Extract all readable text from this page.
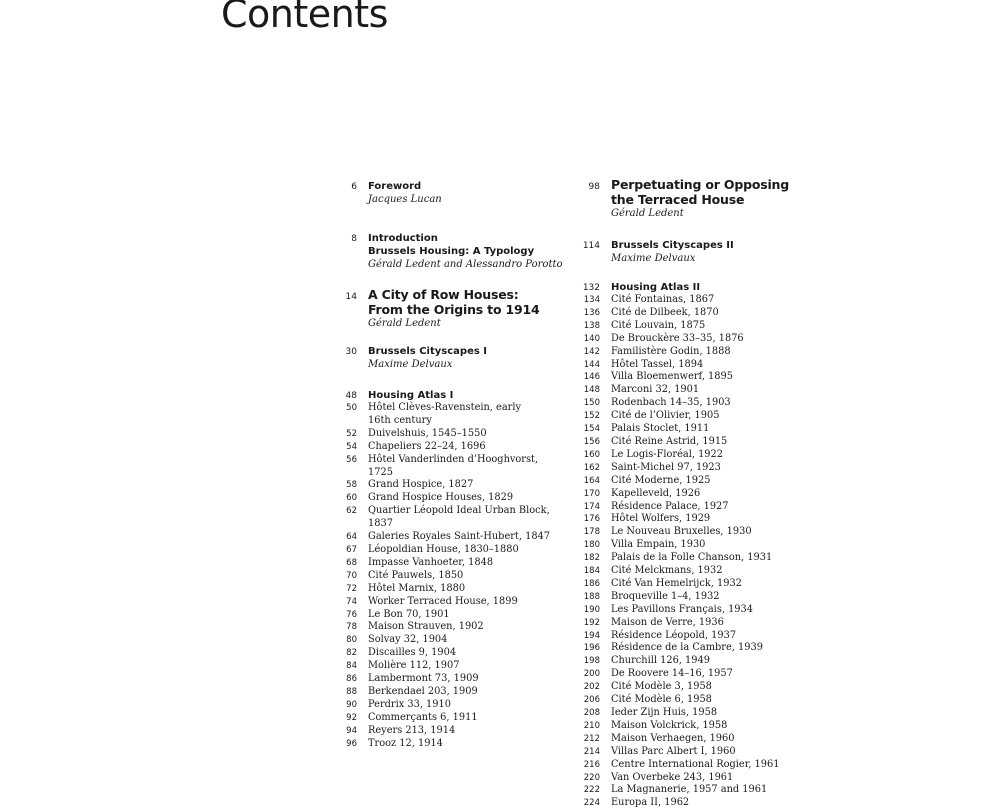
Contents
6 Foreword
Jacques Lucan
8 Introduction
Brussels Housing: A Typology
Gérald Ledent and Alessandro Porotto
14 A City of Row Houses:
From the Origins to 1914
Gérald Ledent
30 Brussels Cityscapes I
Maxime Delvaux
48 Housing Atlas I
50 Hôtel Clèves-Ravenstein, early
16th century
52 Duivelshuis, 1545–1550
54 Chapeliers 22–24, 1696
56 Hôtel Vanderlinden d’Hooghvorst, 1725
58 Grand Hospice, 1827
60 Grand Hospice Houses, 1829
62 Quartier Léopold Ideal Urban Block, 1837
64 Galeries Royales Saint-Hubert, 1847
67 Léopoldian House, 1830–1880
68 Impasse Vanhoeter, 1848
70 Cité Pauwels, 1850
72 Hôtel Marnix, 1880
74 Worker Terraced House, 1899
76 Le Bon 70, 1901
78 Maison Strauven, 1902
80 Solvay 32, 1904
82 Discailles 9, 1904
84 Molière 112, 1907
86 Lambermont 73, 1909
88 Berkendael 203, 1909
90 Perdrix 33, 1910
92 Commerçants 6, 1911
94 Reyers 213, 1914
96 Trooz 12, 1914
98 Perpetuating or Opposing
the Terraced House
Gérald Ledent
114 Brussels Cityscapes II
Maxime Delvaux
132 Housing Atlas II
134 Cité Fontainas, 1867
136 Cité de Dilbeek, 1870
138 Cité Louvain, 1875
140 De Brouckère 33–35, 1876
142 Familistère Godin, 1888
144 Hôtel Tassel, 1894
146 Villa Bloemenwerf, 1895
148 Marconi 32, 1901
150 Rodenbach 14–35, 1903
152 Cité de l’Olivier, 1905
154 Palais Stoclet, 1911
156 Cité Reine Astrid, 1915
160 Le Logis-Floréal, 1922
162 Saint-Michel 97, 1923
164 Cité Moderne, 1925
170 Kapelleveld, 1926
174 Résidence Palace, 1927
176 Hôtel Wolfers, 1929
178 Le Nouveau Bruxelles, 1930
180 Villa Empain, 1930
182 Palais de la Folle Chanson, 1931
184 Cité Melckmans, 1932
186 Cité Van Hemelrijck, 1932
188 Broqueville 1–4, 1932
190 Les Pavillons Français, 1934
192 Maison de Verre, 1936
194 Résidence Léopold, 1937
196 Résidence de la Cambre, 1939
198 Churchill 126, 1949
200 De Roovere 14–16, 1957
202 Cité Modèle 3, 1958
206 Cité Modèle 6, 1958
208 Ieder Zijn Huis, 1958
210 Maison Volckrick, 1958
212 Maison Verhaegen, 1960
214 Villas Parc Albert I, 1960
216 Centre International Rogier, 1961
220 Van Overbeke 243, 1961
222 La Magnanerie, 1957 and 1961
224 Europa II, 1962
